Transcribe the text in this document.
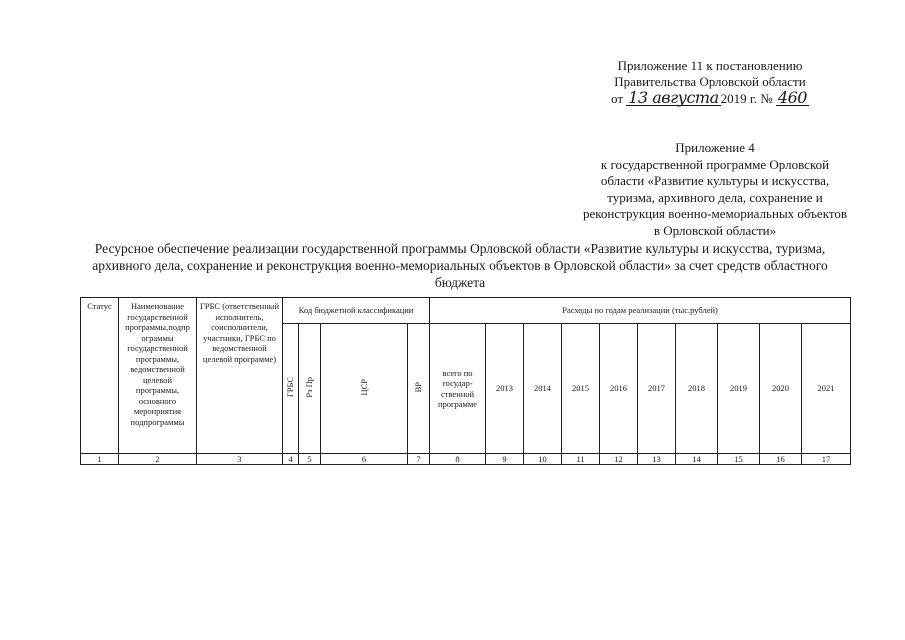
Приложение 11 к постановлению
Правительства Орловской области
от 13 августа 2019 г. № 460
Приложение 4
к государственной программе Орловской
области «Развитие культуры и искусства,
туризма, архивного дела, сохранение и
реконструкция военно-мемориальных объектов
в Орловской области»
Ресурсное обеспечение реализации государственной программы Орловской области «Развитие культуры и искусства, туризма, архивного дела, сохранение и реконструкция военно-мемориальных объектов в Орловской области» за счет средств областного бюджета
Статус	Наименование государственной программы,подпр ограммы государственной программы, ведомственной целевой программы, основного мероприятия подпрограммы	ГРБС (ответственный исполнитель, соисполнители, участники, ГРБС по ведомственной целевой программе)	Код бюджетной классификации				Расходы по годам реализации (тыс.рублей)									
			ГРБС	Рз Пр	ЦСР	ВР	всего по государ-ственной программе	2013	2014	2015	2016	2017	2018	2019	2020	2021
1	2	3	4	5	6	7	8	9	10	11	12	13	14	15	16	17
